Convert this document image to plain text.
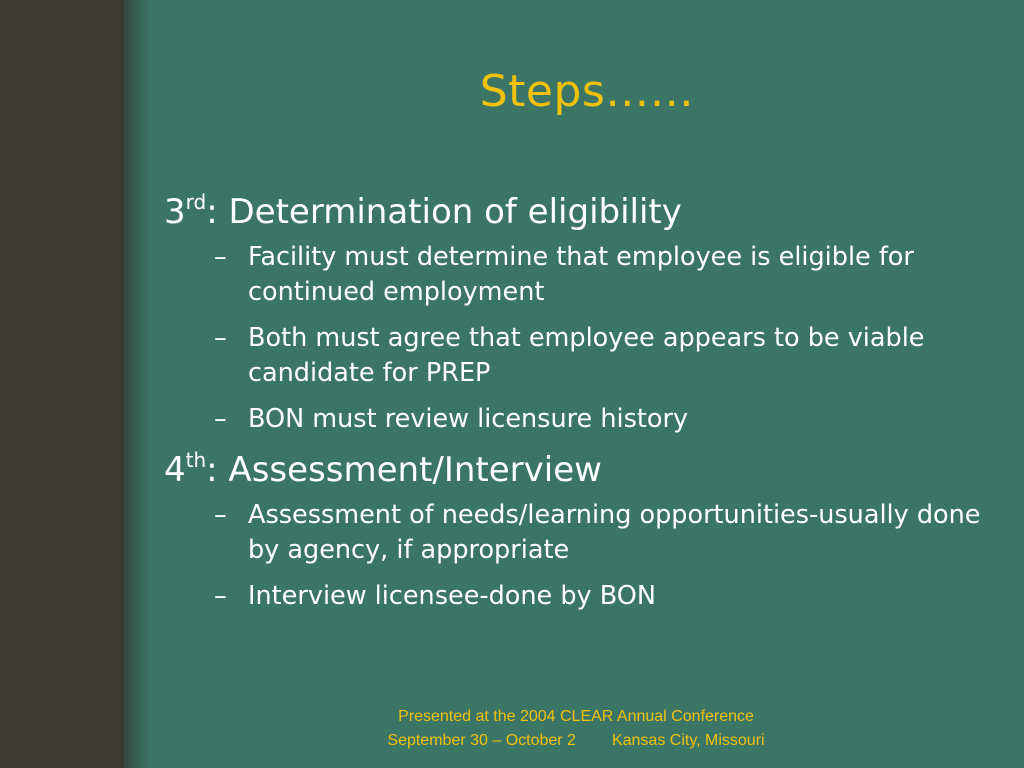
Steps……
3rd: Determination of eligibility
– Facility must determine that employee is eligible for continued employment
– Both must agree that employee appears to be viable candidate for PREP
– BON must review licensure history
4th: Assessment/Interview
– Assessment of needs/learning opportunities-usually done by agency, if appropriate
– Interview licensee-done by BON
Presented at the 2004 CLEAR Annual Conference
September 30 – October 2 Kansas City, Missouri
